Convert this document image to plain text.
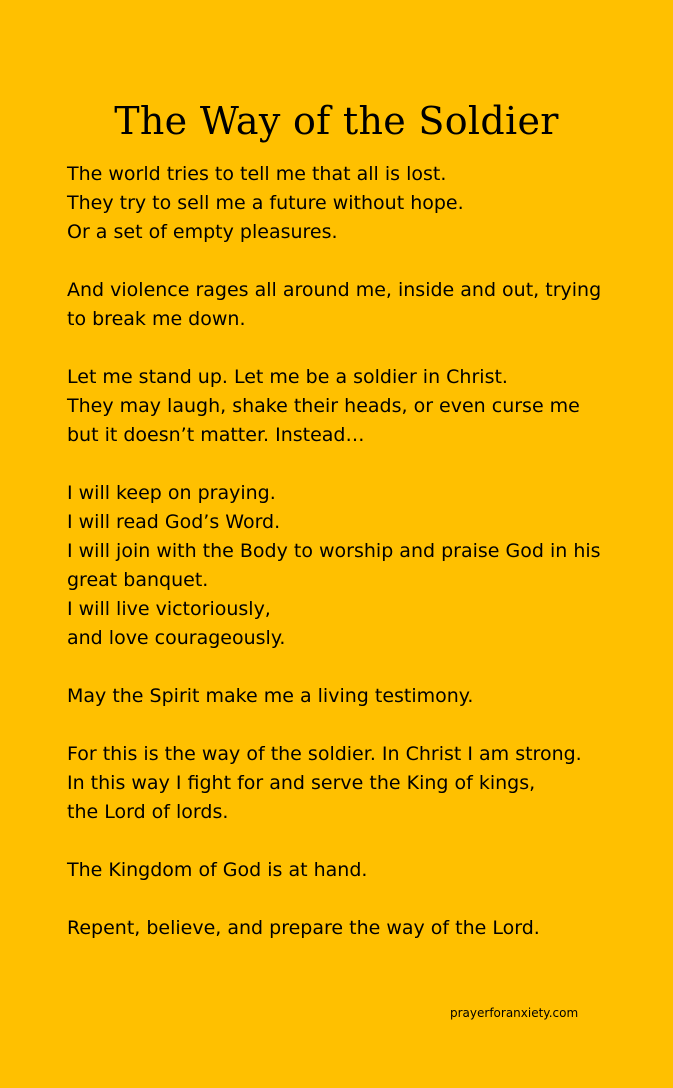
The Way of the Soldier
The world tries to tell me that all is lost.
They try to sell me a future without hope.
Or a set of empty pleasures.
And violence rages all around me, inside and out, trying
to break me down.
Let me stand up. Let me be a soldier in Christ.
They may laugh, shake their heads, or even curse me
but it doesn’t matter. Instead…
I will keep on praying.
I will read God’s Word.
I will join with the Body to worship and praise God in his
great banquet.
I will live victoriously,
and love courageously.
May the Spirit make me a living testimony.
For this is the way of the soldier. In Christ I am strong.
In this way I fight for and serve the King of kings,
the Lord of lords.
The Kingdom of God is at hand.
Repent, believe, and prepare the way of the Lord.
prayerforanxiety.com
